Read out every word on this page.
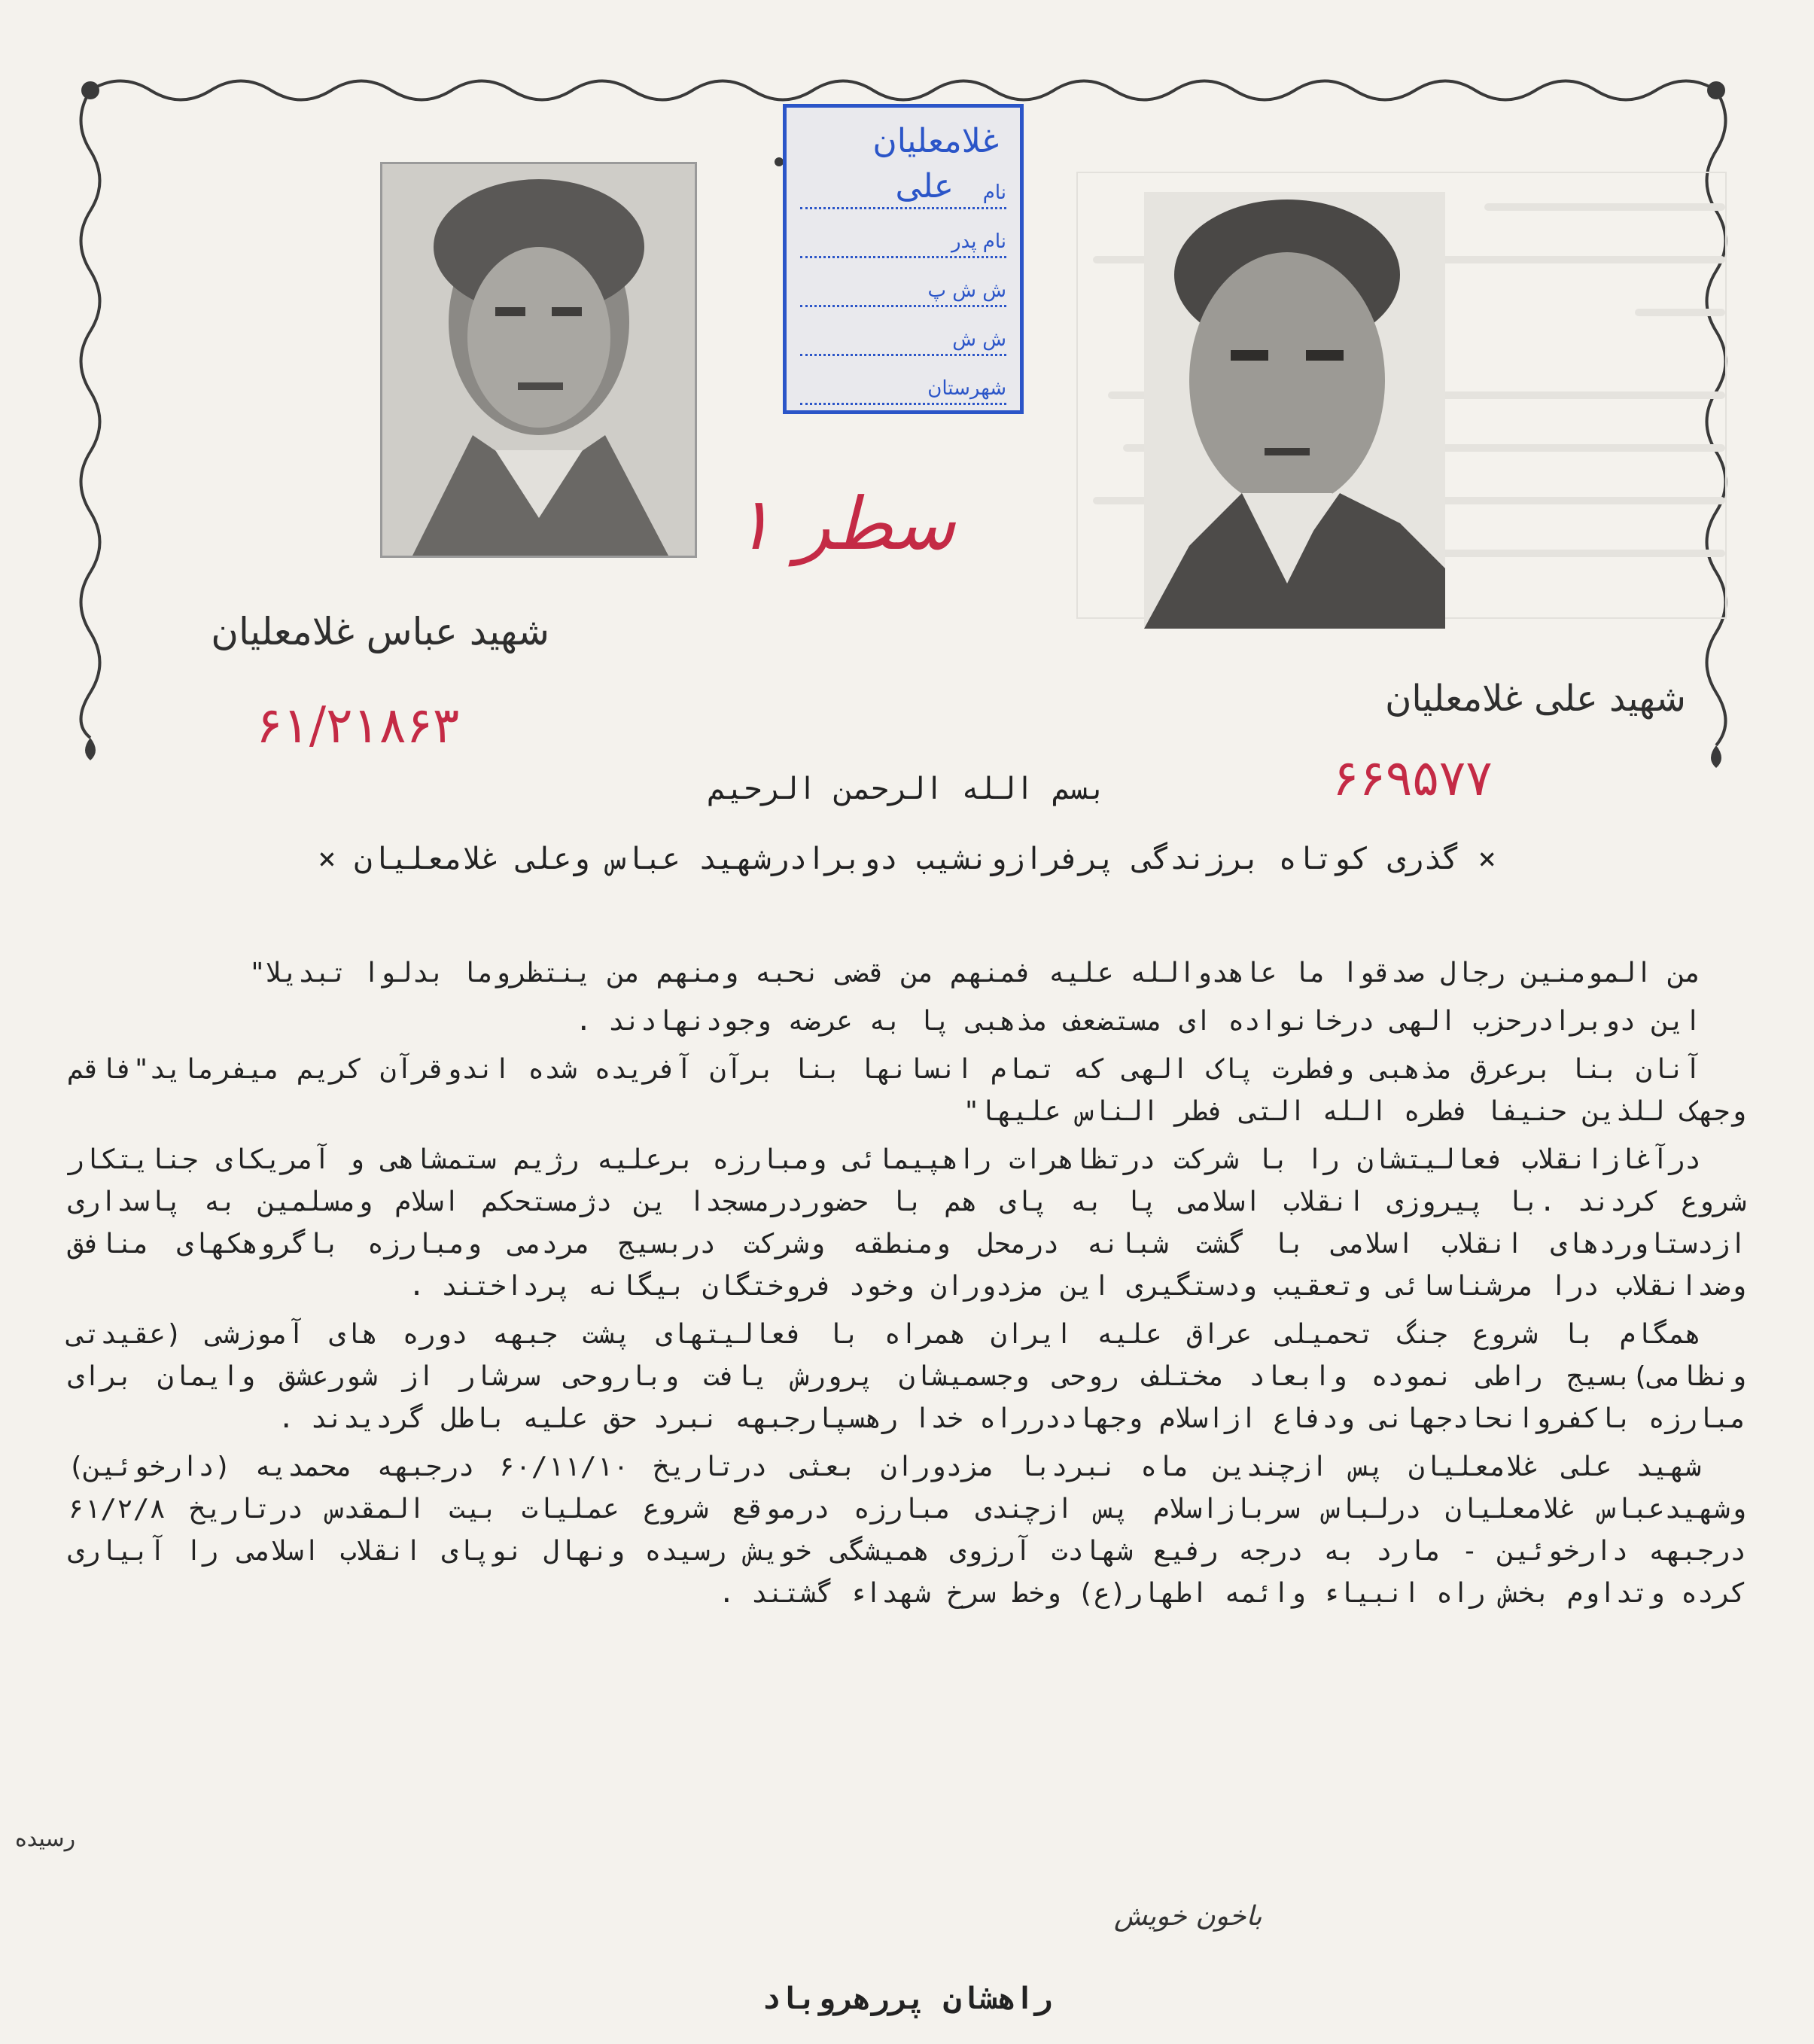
غلامعلیان
نام
علی
نام پدر
ش ش پ
ش ش
شهرستان
سطر ۱
شهید عباس غلامعلیان
۶۱/۲۱۸۶۳	شهید علی غلامعلیان
۶۶۹۵۷۷
بسم الله الرحمن الرحیم
× گذری کوتاه برزندگی پرفرازونشیب دوبرادرشهید عباس وعلی غلامعلیان ×

من المومنین رجال صدقوا ما عاهدوالله علیه فمنهم من قضی نحبه ومنهم من ینتظروما بدلوا تبدیلا"

این دوبرادرحزب الهی درخانواده ای مستضعف مذهبی پا به عرضه وجودنهادند .

آنان بنا برعرق مذهبی وفطرت پاک الهی که تمام انسانها بنا برآن آفریده شده اندوقرآن کریم میفرماید"فاقم وجهک للذین حنیفا فطره الله التی فطر الناس علیها"

درآغازانقلاب فعالیتشان را با شرکت درتظاهرات راهپیمائی ومبارزه برعلیه رژیم ستمشاهی و آمریکای جنایتکار شروع کردند .با پیروزی انقلاب اسلامی پا به پای هم با حضوردرمسجدا ین دژمستحکم اسلام ومسلمین به پاسداری ازدستاوردهای انقلاب اسلامی با گشت شبانه درمحل ومنطقه وشرکت دربسیج مردمی ومبارزه باگروهکهای منافق وضدانقلاب درا مرشناسائی وتعقیب ودستگیری این مزدوران وخود فروختگان بیگانه پرداختند .

همگام با شروع جنگ تحمیلی عراق علیه ایران همراه با فعالیتهای پشت جبهه دوره های آموزشی (عقیدتی ونظامی)بسیج راطی نموده وابعاد مختلف روحی وجسمیشان پرورش یافت وباروحی سرشار از شورعشق وایمان برای مبارزه باکفروانحادجهانی ودفاع ازاسلام وجهاددرراه خدا رهسپارجبهه نبرد حق علیه باطل گردیدند .

شهید علی غلامعلیان پس ازچندین ماه نبردبا مزدوران بعثی درتاریخ ۶۰/۱۱/۱۰ درجبهه محمدیه (دارخوئین) وشهیدعباس غلامعلیان درلباس سربازاسلام پس ازچندی مبارزه درموقع شروع عملیات بیت المقدس درتاریخ ۶۱/۲/۸ درجبهه دارخوئین - مارد به درجه رفیع شهادت آرزوی همیشگی خویش رسیده ونهال نوپای انقلاب اسلامی را آبیاری کرده وتداوم بخش راه انبیاء وائمه اطهار(ع) وخط سرخ شهداء گشتند .

رسیده
باخون خویش
راهشان پررهروباد
